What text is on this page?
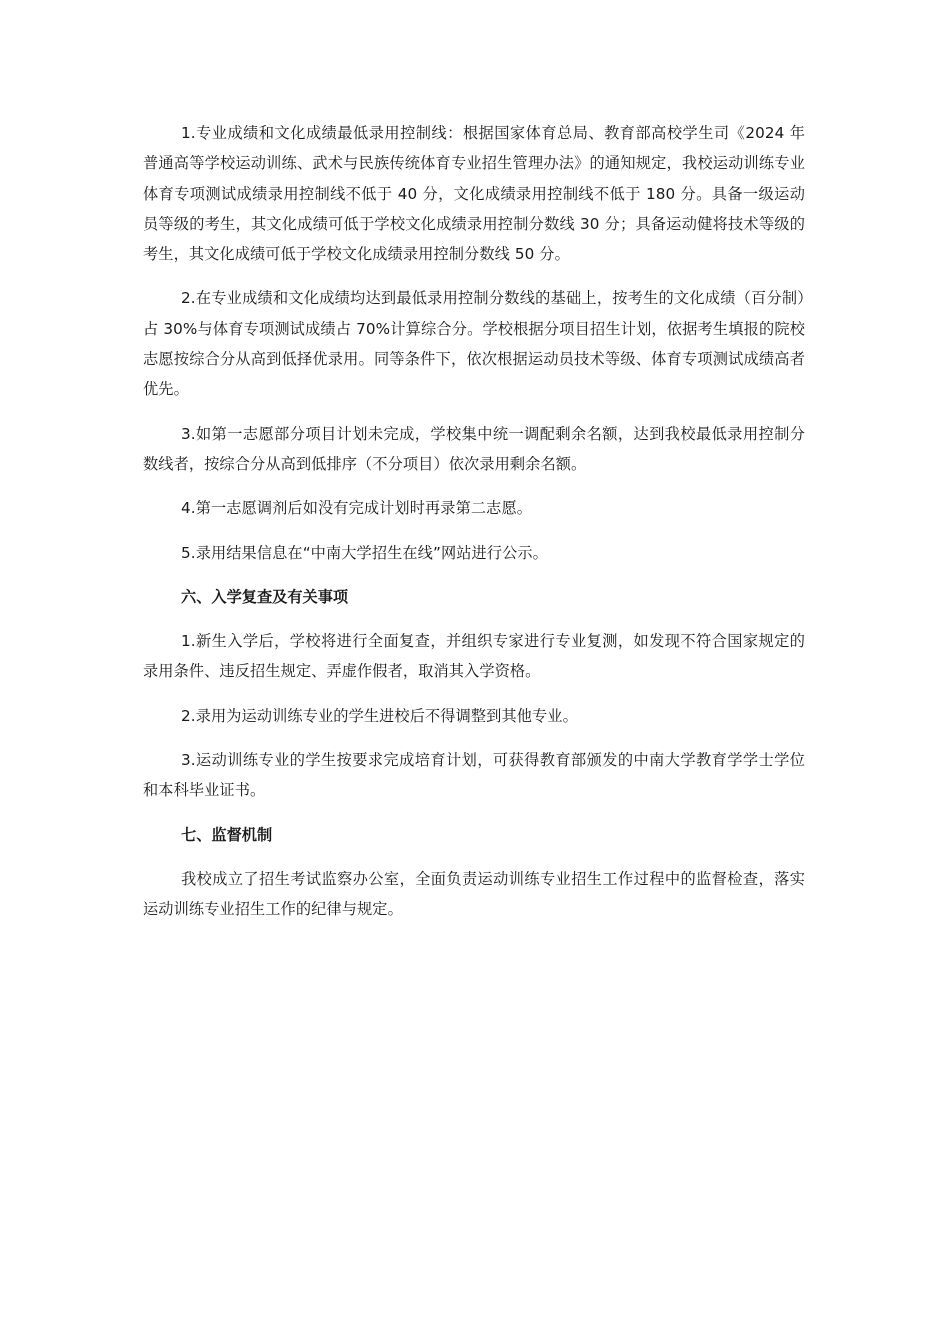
1.专业成绩和文化成绩最低录用控制线：根据国家体育总局、教育部高校学生司《2024 年普通高等学校运动训练、武术与民族传统体育专业招生管理办法》的通知规定，我校运动训练专业体育专项测试成绩录用控制线不低于 40 分，文化成绩录用控制线不低于 180 分。具备一级运动员等级的考生，其文化成绩可低于学校文化成绩录用控制分数线 30 分；具备运动健将技术等级的考生，其文化成绩可低于学校文化成绩录用控制分数线 50 分。

2.在专业成绩和文化成绩均达到最低录用控制分数线的基础上，按考生的文化成绩（百分制）占 30%与体育专项测试成绩占 70%计算综合分。学校根据分项目招生计划，依据考生填报的院校志愿按综合分从高到低择优录用。同等条件下，依次根据运动员技术等级、体育专项测试成绩高者优先。

3.如第一志愿部分项目计划未完成，学校集中统一调配剩余名额，达到我校最低录用控制分数线者，按综合分从高到低排序（不分项目）依次录用剩余名额。

4.第一志愿调剂后如没有完成计划时再录第二志愿。

5.录用结果信息在“中南大学招生在线”网站进行公示。

六、入学复查及有关事项

1.新生入学后，学校将进行全面复查，并组织专家进行专业复测，如发现不符合国家规定的录用条件、违反招生规定、弄虚作假者，取消其入学资格。

2.录用为运动训练专业的学生进校后不得调整到其他专业。

3.运动训练专业的学生按要求完成培育计划，可获得教育部颁发的中南大学教育学学士学位和本科毕业证书。

七、监督机制

我校成立了招生考试监察办公室，全面负责运动训练专业招生工作过程中的监督检查，落实运动训练专业招生工作的纪律与规定。
